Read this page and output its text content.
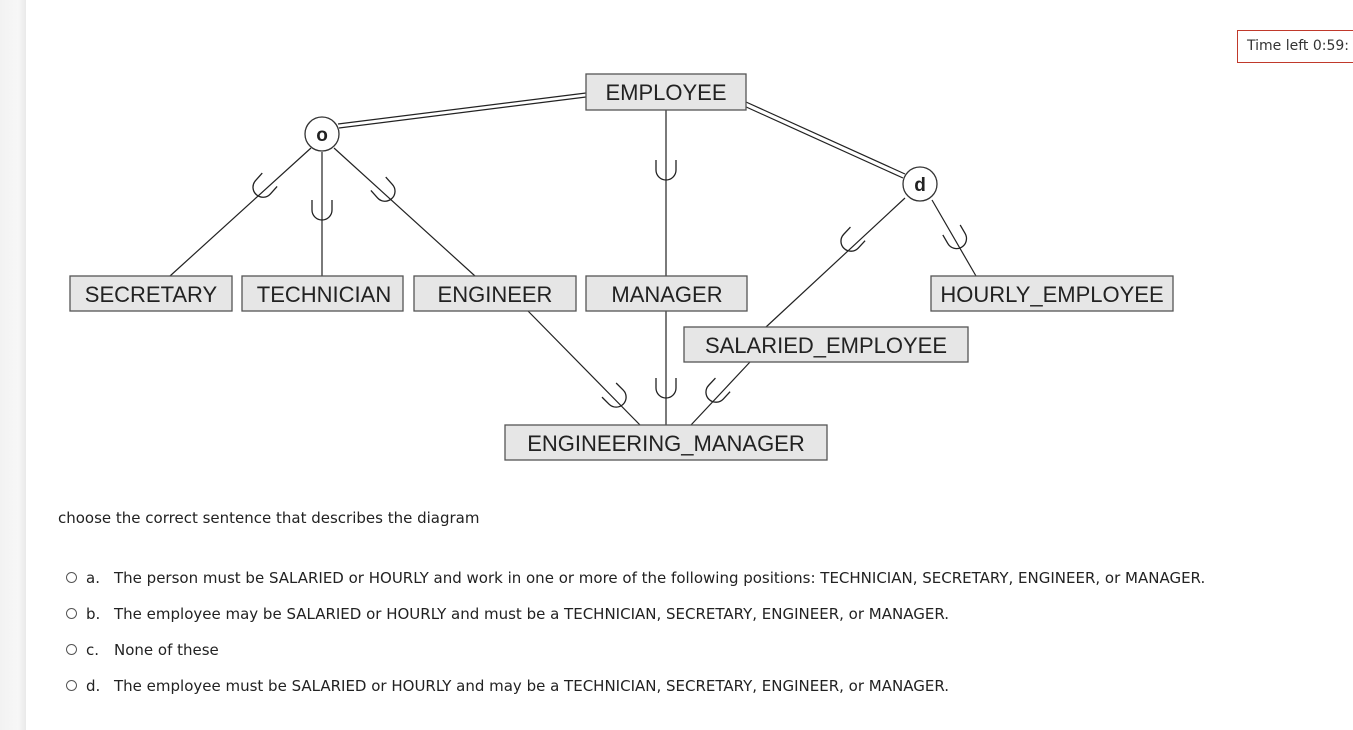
Time left 0:59:
o
d
EMPLOYEE
SECRETARY TECHNICIAN ENGINEER	MANAGER	HOURLY_EMPLOYEE
SALARIED_EMPLOYEE
ENGINEERING_MANAGER
choose the correct sentence that describes the diagram
a. The person must be SALARIED or HOURLY and work in one or more of the following positions: TECHNICIAN, SECRETARY, ENGINEER, or MANAGER.
b. The employee may be SALARIED or HOURLY and must be a TECHNICIAN, SECRETARY, ENGINEER, or MANAGER.
c. None of these
d. The employee must be SALARIED or HOURLY and may be a TECHNICIAN, SECRETARY, ENGINEER, or MANAGER.
